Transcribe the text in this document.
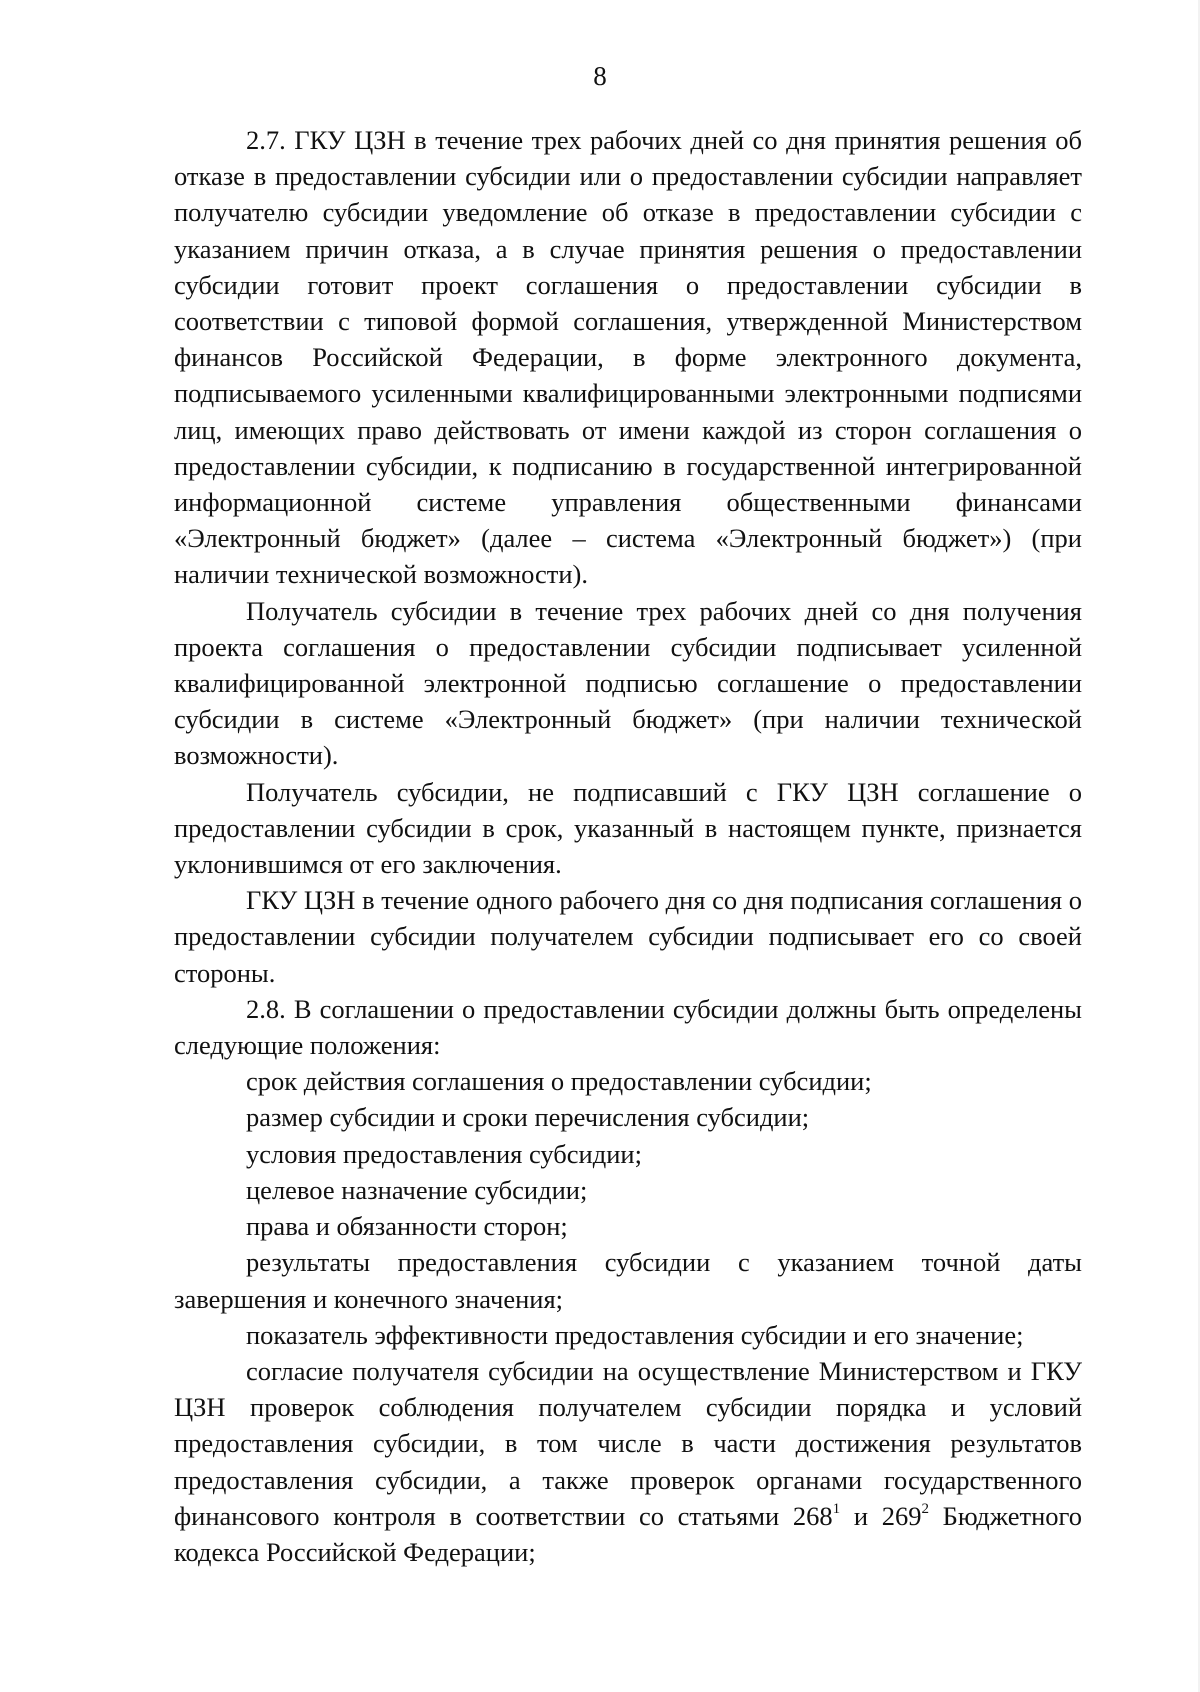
8

2.7. ГКУ ЦЗН в течение трех рабочих дней со дня принятия решения об отказе в предоставлении субсидии или о предоставлении субсидии направляет получателю субсидии уведомление об отказе в предоставлении субсидии с указанием причин отказа, а в случае принятия решения о предоставлении субсидии готовит проект соглашения о предоставлении субсидии в соответствии с типовой формой соглашения, утвержденной Министерством финансов Российской Федерации, в форме электронного документа, подписываемого усиленными квалифицированными электронными подписями лиц, имеющих право действовать от имени каждой из сторон соглашения о предоставлении субсидии, к подписанию в государственной интегрированной информационной системе управления общественными финансами «Электронный бюджет» (далее – система «Электронный бюджет») (при наличии технической возможности).

Получатель субсидии в течение трех рабочих дней со дня получения проекта соглашения о предоставлении субсидии подписывает усиленной квалифицированной электронной подписью соглашение о предоставлении субсидии в системе «Электронный бюджет» (при наличии технической возможности).

Получатель субсидии, не подписавший с ГКУ ЦЗН соглашение о предоставлении субсидии в срок, указанный в настоящем пункте, признается уклонившимся от его заключения.

ГКУ ЦЗН в течение одного рабочего дня со дня подписания соглашения о предоставлении субсидии получателем субсидии подписывает его со своей стороны.

2.8. В соглашении о предоставлении субсидии должны быть определены следующие положения:

срок действия соглашения о предоставлении субсидии;

размер субсидии и сроки перечисления субсидии;

условия предоставления субсидии;

целевое назначение субсидии;

права и обязанности сторон;

результаты предоставления субсидии с указанием точной даты завершения и конечного значения;

показатель эффективности предоставления субсидии и его значение;

согласие получателя субсидии на осуществление Министерством и ГКУ ЦЗН проверок соблюдения получателем субсидии порядка и условий предоставления субсидии, в том числе в части достижения результатов предоставления субсидии, а также проверок органами государственного финансового контроля в соответствии со статьями $268^1$ и $269^2$ Бюджетного кодекса Российской Федерации;
